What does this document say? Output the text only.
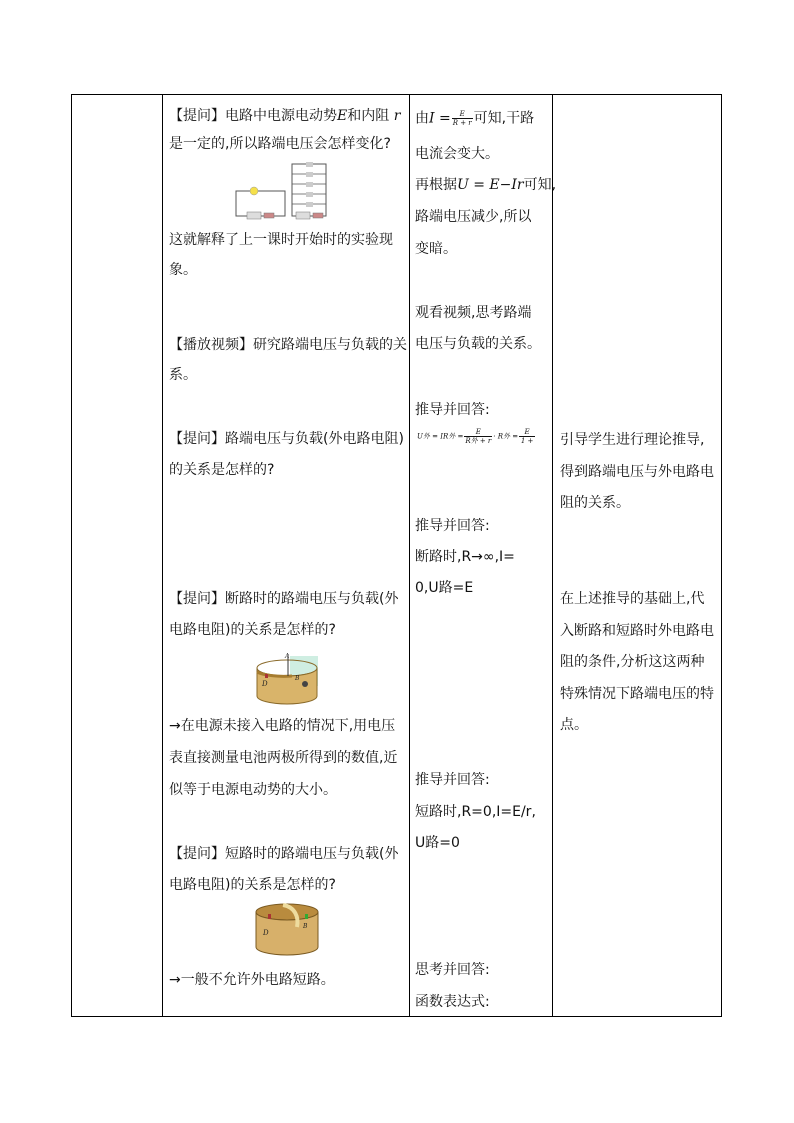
【提问】电路中电源电动势E和内阻 r
是一定的,所以路端电压会怎样变化?
这就解释了上一课时开始时的实验现
象。
【播放视频】研究路端电压与负载的关
系。
【提问】路端电压与负载(外电路电阻)
的关系是怎样的?
【提问】断路时的路端电压与负载(外
电路电阻)的关系是怎样的?
D
B
A
→在电源未接入电路的情况下,用电压
表直接测量电池两极所得到的数值,近
似等于电源电动势的大小。
【提问】短路时的路端电压与负载(外
电路电阻)的关系是怎样的?
D
B
→一般不允许外电路短路。
由$I = \frac{E}{R + r}$ 可知,干路
电流会变大。
再根据U = E−Ir可知,
路端电压减少,所以
变暗。
观看视频,思考路端
电压与负载的关系。
推导并回答:
U外 = IR外 = $\frac{E}{\text{R外 + r}} \cdot R$外 = $\frac{E}{1 +}$
推导并回答:
断路时,R→∞,I=
0,U路=E
推导并回答:
短路时,R=0,I=E/r,
U路=0
思考并回答:
函数表达式:
引导学生进行理论推导,
得到路端电压与外电路电
阻的关系。
在上述推导的基础上,代
入断路和短路时外电路电
阻的条件,分析这这两种
特殊情况下路端电压的特
点。
